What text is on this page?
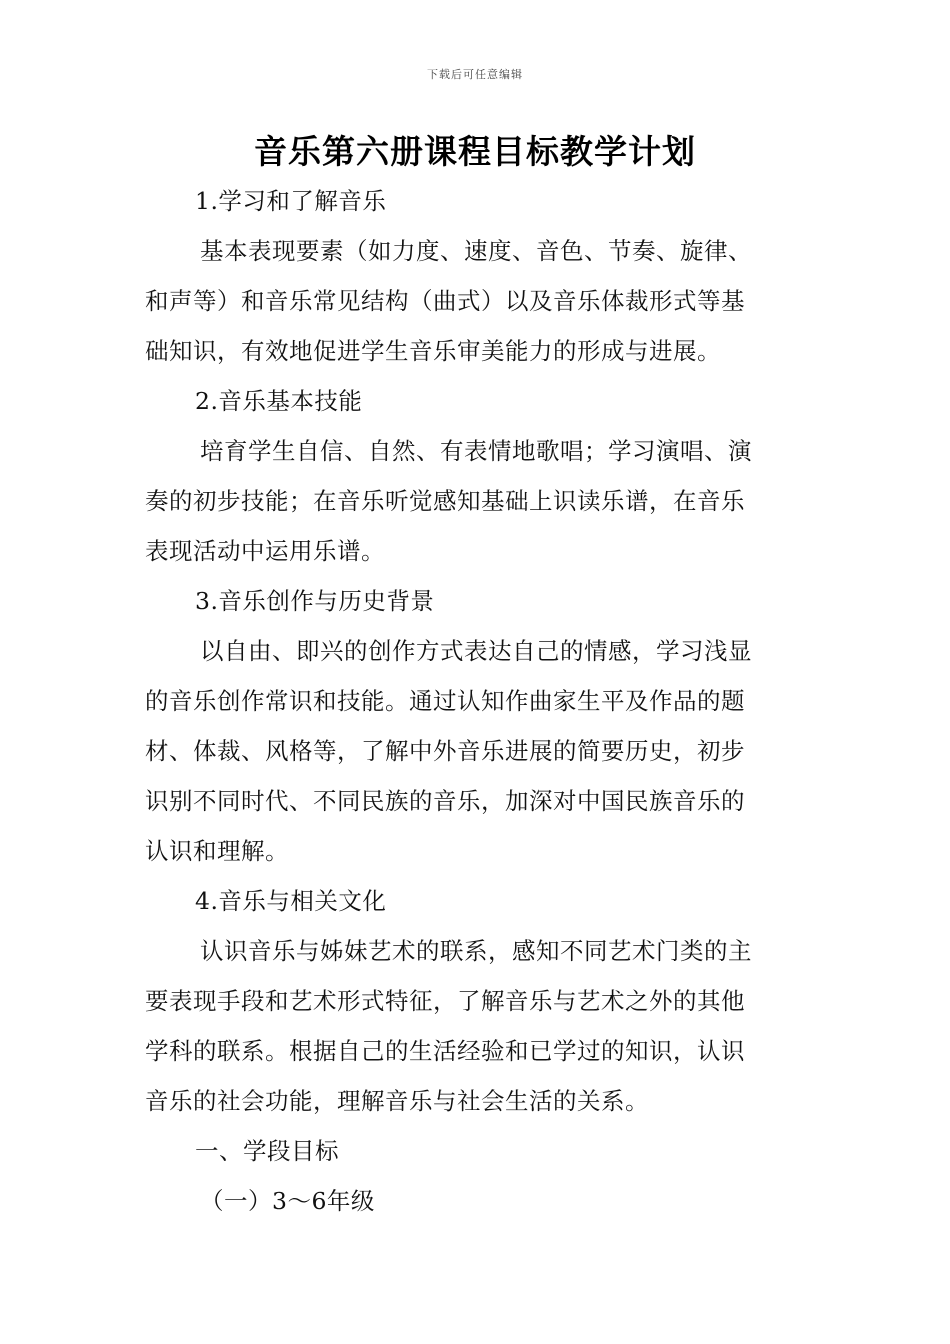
下载后可任意编辑
音乐第六册课程目标教学计划
1.学习和了解音乐
基本表现要素（如力度、速度、音色、节奏、旋律、
和声等）和音乐常见结构（曲式）以及音乐体裁形式等基
础知识，有效地促进学生音乐审美能力的形成与进展。
2.音乐基本技能
培育学生自信、自然、有表情地歌唱；学习演唱、演
奏的初步技能；在音乐听觉感知基础上识读乐谱，在音乐
表现活动中运用乐谱。
3.音乐创作与历史背景
以自由、即兴的创作方式表达自己的情感，学习浅显
的音乐创作常识和技能。通过认知作曲家生平及作品的题
材、体裁、风格等，了解中外音乐进展的简要历史，初步
识别不同时代、不同民族的音乐，加深对中国民族音乐的
认识和理解。
4.音乐与相关文化
认识音乐与姊妹艺术的联系，感知不同艺术门类的主
要表现手段和艺术形式特征，了解音乐与艺术之外的其他
学科的联系。根据自己的生活经验和已学过的知识，认识
音乐的社会功能，理解音乐与社会生活的关系。
一、学段目标
（一）3～6年级
